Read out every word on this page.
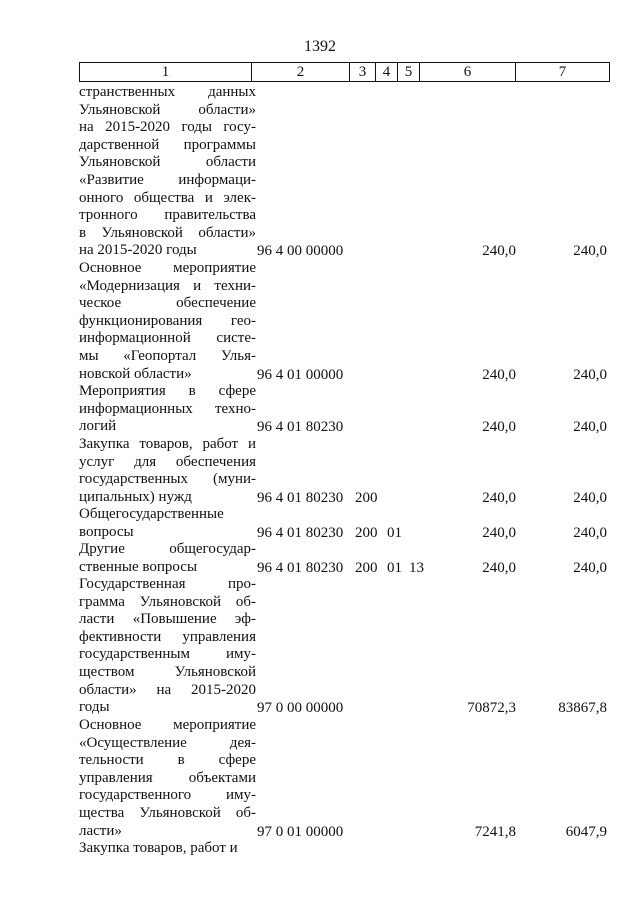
1392
1	2	3	4 5	6	7
странственных данных
Ульяновской области»
на 2015-2020 годы госу-
дарственной программы
Ульяновской области
«Развитие информаци-
онного общества и элек-
тронного правительства
в Ульяновской области»
на 2015-2020 годы	96 4 00 00000	240,0	240,0
Основное мероприятие
«Модернизация и техни-
ческое обеспечение
функционирования гео-
информационной систе-
мы «Геопортал Улья-
новской области»	96 4 01 00000	240,0	240,0
Мероприятия в сфере
информационных техно-
логий	96 4 01 80230	240,0	240,0
Закупка товаров, работ и
услуг для обеспечения
государственных (муни-
ципальных) нужд	96 4 01 80230 200	240,0	240,0
Общегосударственные
вопросы	96 4 01 80230 200 01	240,0	240,0
Другие общегосудар-
ственные вопросы	96 4 01 80230 200 01 13	240,0	240,0
Государственная про-
грамма Ульяновской об-
ласти «Повышение эф-
фективности управления
государственным иму-
ществом Ульяновской
области» на 2015-2020
годы	97 0 00 00000	70872,3	83867,8
Основное мероприятие
«Осуществление дея-
тельности в сфере
управления объектами
государственного иму-
щества Ульяновской об-
ласти»	97 0 01 00000	7241,8	6047,9
Закупка товаров, работ и
